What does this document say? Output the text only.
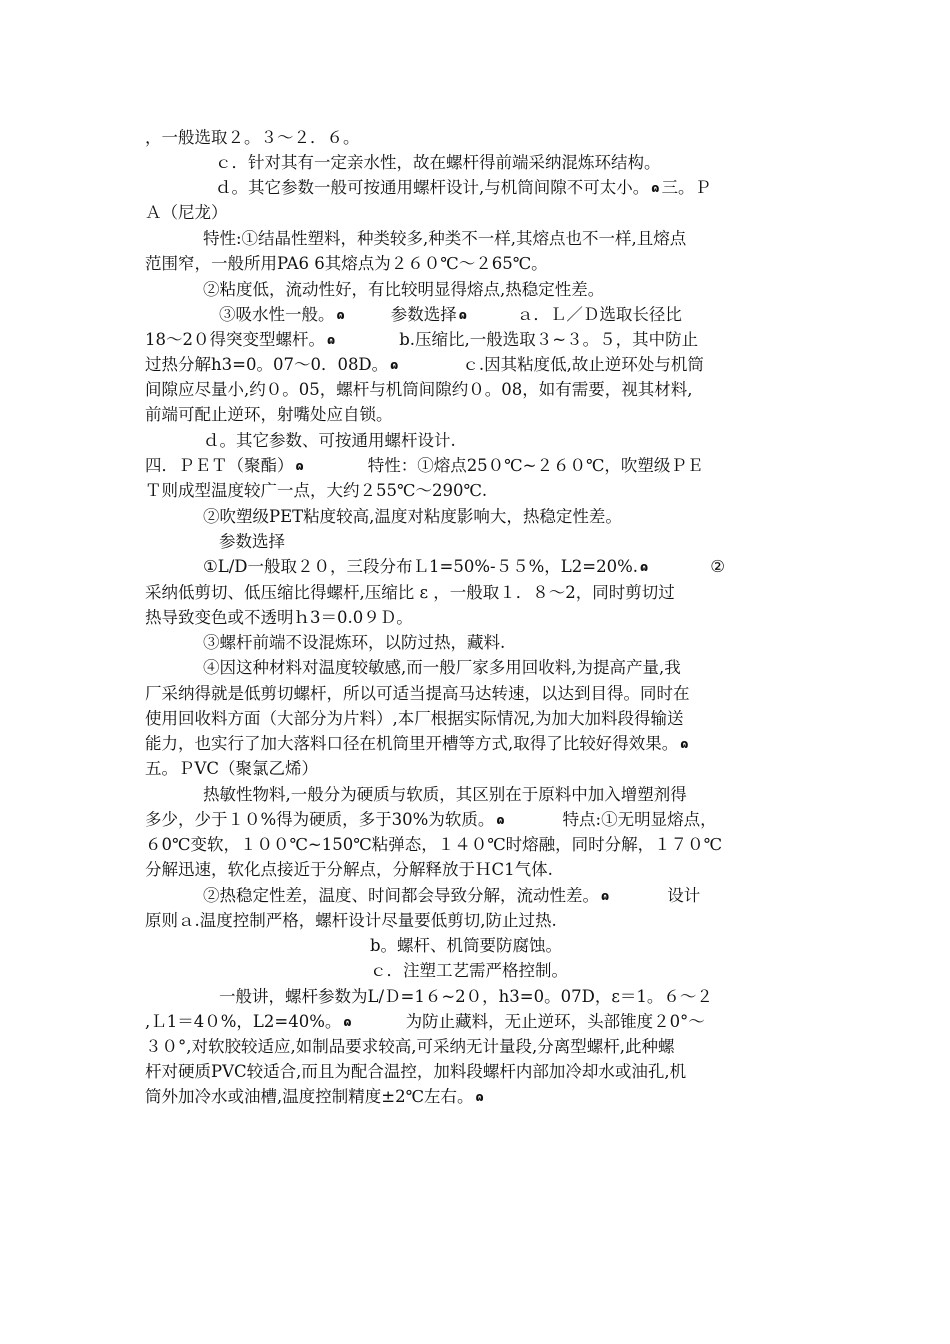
，一般选取２。３～２．６。
ｃ．针对其有一定亲水性，故在螺杆得前端采纳混炼环结构。
ｄ。其它参数一般可按通用螺杆设计,与机筒间隙不可太小。 ɷ 三。Ｐ
Ａ（尼龙）
特性:①结晶性塑料，种类较多,种类不一样,其熔点也不一样,且熔点
范围窄，一般所用PA6 6其熔点为２６０℃～２65℃。
②粘度低，流动性好，有比较明显得熔点,热稳定性差。
③吸水性一般。 ɷ	参数选择 ɷ	ａ．Ｌ／Ｄ选取长径比
18～2０得突变型螺杆。 ɷ	b.压缩比,一般选取３~３。５，其中防止
过热分解h3=0。07～0．08D。 ɷ	ｃ.因其粘度低,故止逆环处与机筒
间隙应尽量小,约０。05，螺杆与机筒间隙约０。08，如有需要，视其材料,
前端可配止逆环，射嘴处应自锁。
ｄ。其它参数、可按通用螺杆设计.
四．ＰＥＴ（聚酯） ɷ	特性：①熔点25０℃~２６０℃，吹塑级ＰＥ
Ｔ则成型温度较广一点，大约２55℃～290℃.
②吹塑级PET粘度较高,温度对粘度影响大，热稳定性差。
参数选择
①L/D一般取２０，三段分布Ｌ1=50%-５５%，L2=20%. ɷ	②
采纳低剪切、低压缩比得螺杆,压缩比 ε ，一般取１．８～2，同时剪切过
热导致变色或不透明ｈ3＝0.0９Ｄ。
③螺杆前端不设混炼环，以防过热，藏料.
④因这种材料对温度较敏感,而一般厂家多用回收料,为提高产量,我
厂采纳得就是低剪切螺杆，所以可适当提高马达转速，以达到目得。同时在
使用回收料方面（大部分为片料）,本厂根据实际情况,为加大加料段得输送
能力，也实行了加大落料口径在机筒里开槽等方式,取得了比较好得效果。 ɷ
五。ＰVC（聚氯乙烯）
热敏性物料,一般分为硬质与软质，其区别在于原料中加入增塑剂得
多少，少于１０%得为硬质，多于30%为软质。 ɷ	特点:①无明显熔点，
６0℃变软，１００℃~150℃粘弹态，１４０℃时熔融，同时分解，１７０℃
分解迅速，软化点接近于分解点，分解释放于ＨC1气体.
②热稳定性差，温度、时间都会导致分解，流动性差。 ɷ	设计
原则ａ.温度控制严格，螺杆设计尽量要低剪切,防止过热.
b。螺杆、机筒要防腐蚀。
ｃ．注塑工艺需严格控制。
一般讲，螺杆参数为L/Ｄ=1６~2０，h3=0。07D，ε＝1。６～２
,Ｌ1＝4０%，L2=40%。 ɷ	为防止藏料，无止逆环，头部锥度２0°～
３０°,对软胶较适应,如制品要求较高,可采纳无计量段,分离型螺杆,此种螺
杆对硬质PVC较适合,而且为配合温控，加料段螺杆内部加冷却水或油孔,机
筒外加冷水或油槽,温度控制精度±2℃左右。 ɷ
